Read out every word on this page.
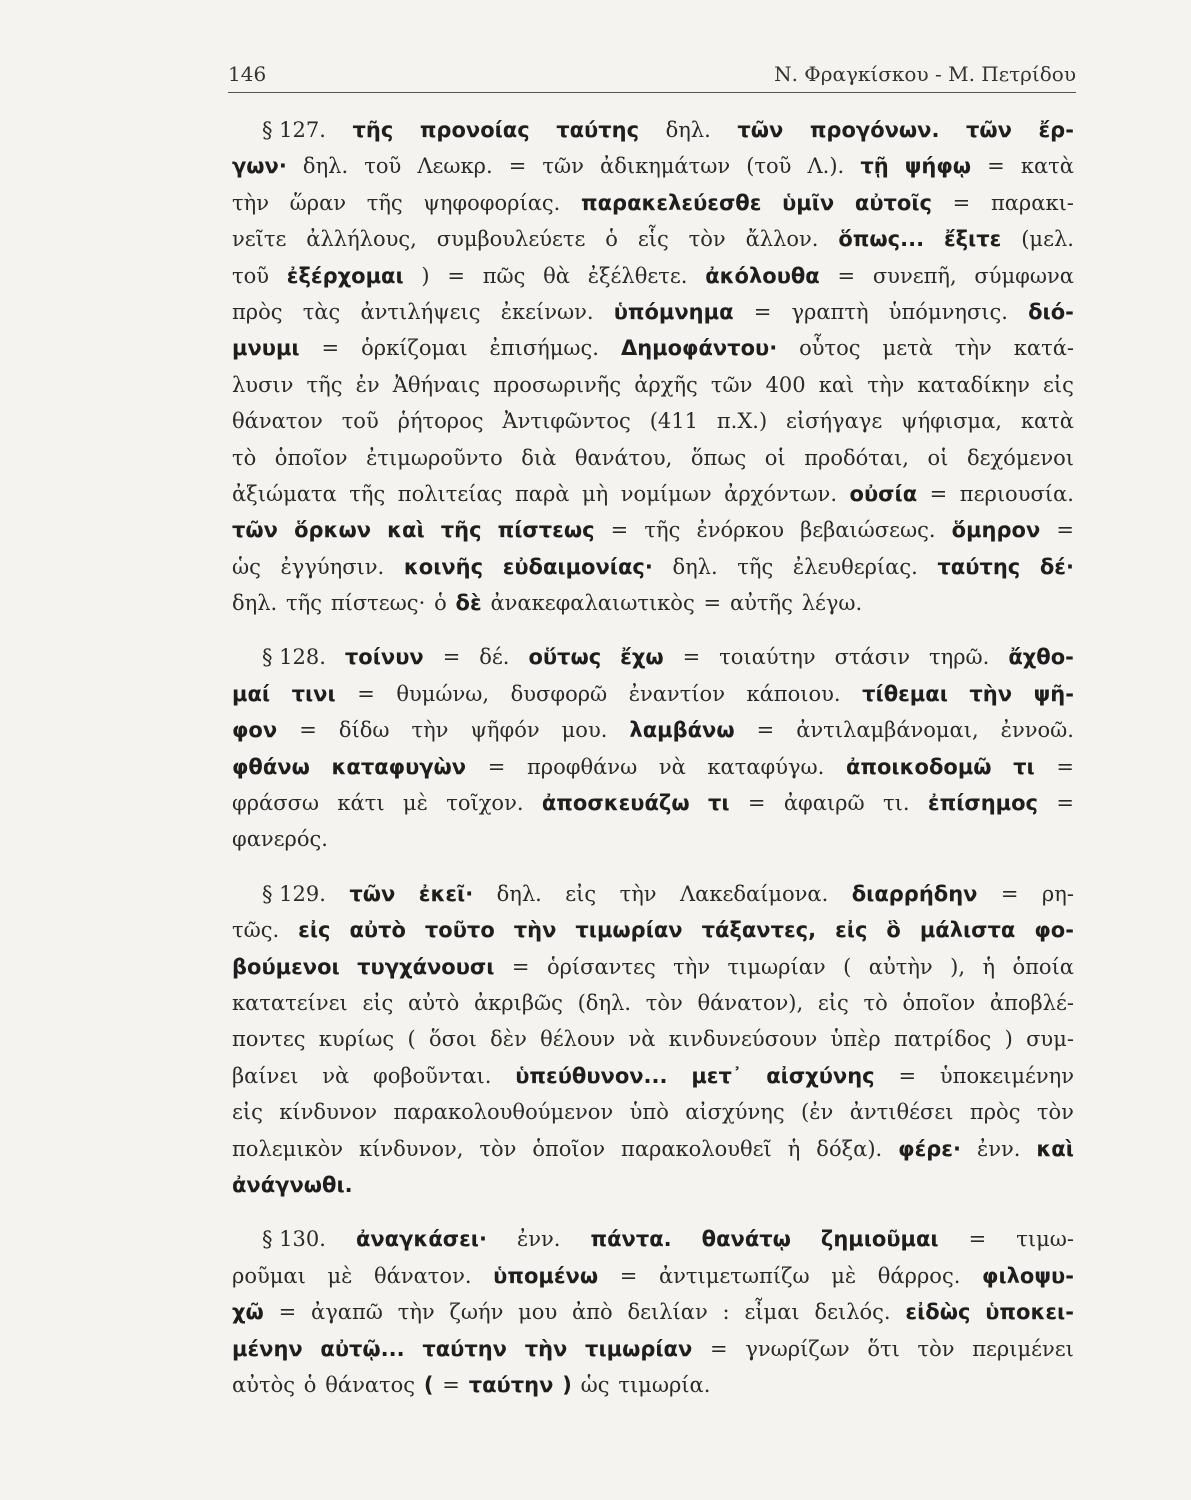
146	Ν. Φραγκίσκου - Μ. Πετρίδου
§ 127. τῆς προνοίας ταύτης δηλ. τῶν προγόνων. τῶν ἔρ-
γων· δηλ. τοῦ Λεωκρ. = τῶν ἀδικημάτων (τοῦ Λ.). τῇ ψήφῳ = κατὰ
τὴν ὥραν τῆς ψηφοφορίας. παρακελεύεσθε ὑμῖν αὐτοῖς = παρακι-
νεῖτε ἀλλήλους, συμβουλεύετε ὁ εἷς τὸν ἄλλον. ὅπως... ἔξιτε (μελ.
τοῦ ἐξέρχομαι ) = πῶς θὰ ἐξέλθετε. ἀκόλουθα = συνεπῆ, σύμφωνα
πρὸς τὰς ἀντιλήψεις ἐκείνων. ὑπόμνημα = γραπτὴ ὑπόμνησις. διό-
μνυμι = ὁρκίζομαι ἐπισήμως. Δημοφάντου· οὗτος μετὰ τὴν κατά-
λυσιν τῆς ἐν Ἀθήναις προσωρινῆς ἀρχῆς τῶν 400 καὶ τὴν καταδίκην εἰς
θάνατον τοῦ ῥήτορος Ἀντιφῶντος (411 π.Χ.) εἰσήγαγε ψήφισμα, κατὰ
τὸ ὁποῖον ἐτιμωροῦντο διὰ θανάτου, ὅπως οἱ προδόται, οἱ δεχόμενοι
ἀξιώματα τῆς πολιτείας παρὰ μὴ νομίμων ἀρχόντων. οὐσία = περιουσία.
τῶν ὅρκων καὶ τῆς πίστεως = τῆς ἐνόρκου βεβαιώσεως. ὅμηρον =
ὡς ἐγγύησιν. κοινῆς εὐδαιμονίας· δηλ. τῆς ἐλευθερίας. ταύτης δέ·
δηλ. τῆς πίστεως· ὁ δὲ ἀνακεφαλαιωτικὸς = αὐτῆς λέγω.
§ 128. τοίνυν = δέ. οὕτως ἔχω = τοιαύτην στάσιν τηρῶ. ἄχθο-
μαί τινι = θυμώνω, δυσφορῶ ἐναντίον κάποιου. τίθεμαι τὴν ψῆ-
φον = δίδω τὴν ψῆφόν μου. λαμβάνω = ἀντιλαμβάνομαι, ἐννοῶ.
φθάνω καταφυγὼν = προφθάνω νὰ καταφύγω. ἀποικοδομῶ τι =
φράσσω κάτι μὲ τοῖχον. ἀποσκευάζω τι = ἀφαιρῶ τι. ἐπίσημος =
φανερός.
§ 129. τῶν ἐκεῖ· δηλ. εἰς τὴν Λακεδαίμονα. διαρρήδην = ρη-
τῶς. εἰς αὐτὸ τοῦτο τὴν τιμωρίαν τάξαντες, εἰς ὃ μάλιστα φο-
βούμενοι τυγχάνουσι = ὁρίσαντες τὴν τιμωρίαν ( αὐτὴν ), ἡ ὁποία
κατατείνει εἰς αὐτὸ ἀκριβῶς (δηλ. τὸν θάνατον), εἰς τὸ ὁποῖον ἀποβλέ-
ποντες κυρίως ( ὅσοι δὲν θέλουν νὰ κινδυνεύσουν ὑπὲρ πατρίδος ) συμ-
βαίνει νὰ φοβοῦνται. ὑπεύθυνον... μετ᾿ αἰσχύνης = ὑποκειμένην
εἰς κίνδυνον παρακολουθούμενον ὑπὸ αἰσχύνης (ἐν ἀντιθέσει πρὸς τὸν
πολεμικὸν κίνδυνον, τὸν ὁποῖον παρακολουθεῖ ἡ δόξα). φέρε· ἐνν. καὶ
ἀνάγνωθι.
§ 130. ἀναγκάσει· ἐνν. πάντα. θανάτῳ ζημιοῦμαι = τιμω-
ροῦμαι μὲ θάνατον. ὑπομένω = ἀντιμετωπίζω μὲ θάρρος. φιλοψυ-
χῶ = ἀγαπῶ τὴν ζωήν μου ἀπὸ δειλίαν : εἶμαι δειλός. εἰδὼς ὑποκει-
μένην αὐτῷ... ταύτην τὴν τιμωρίαν = γνωρίζων ὅτι τὸν περιμένει
αὐτὸς ὁ θάνατος ( = ταύτην ) ὡς τιμωρία.
